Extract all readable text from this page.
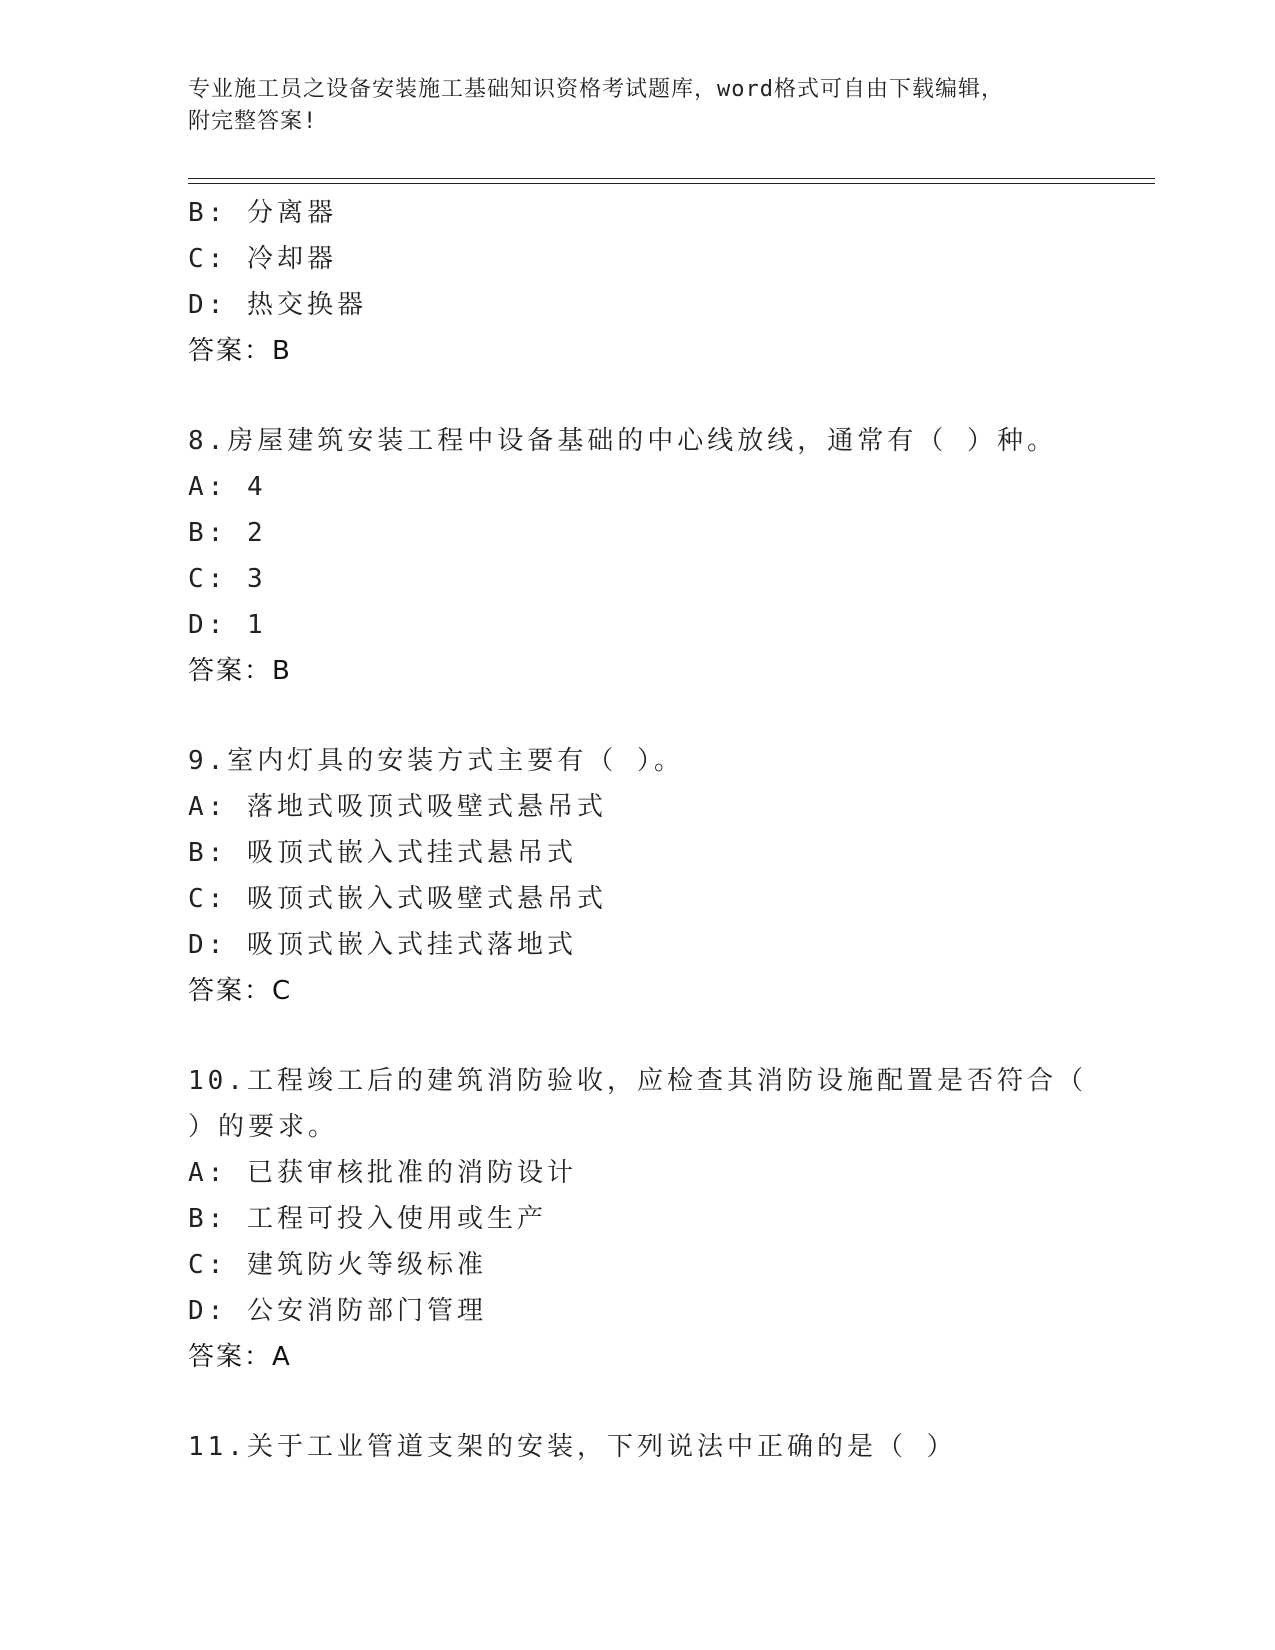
专业施工员之设备安装施工基础知识资格考试题库，word格式可自由下载编辑，
附完整答案!
B: 分离器
C: 冷却器
D: 热交换器
答案：B
8.房屋建筑安装工程中设备基础的中心线放线，通常有（ ）种。
A: 4
B: 2
C: 3
D: 1
答案：B
9.室内灯具的安装方式主要有（ ）。
A: 落地式吸顶式吸壁式悬吊式
B: 吸顶式嵌入式挂式悬吊式
C: 吸顶式嵌入式吸壁式悬吊式
D: 吸顶式嵌入式挂式落地式
答案：C
10.工程竣工后的建筑消防验收，应检查其消防设施配置是否符合（
）的要求。
A: 已获审核批准的消防设计
B: 工程可投入使用或生产
C: 建筑防火等级标准
D: 公安消防部门管理
答案：A
11.关于工业管道支架的安装，下列说法中正确的是（ ）
